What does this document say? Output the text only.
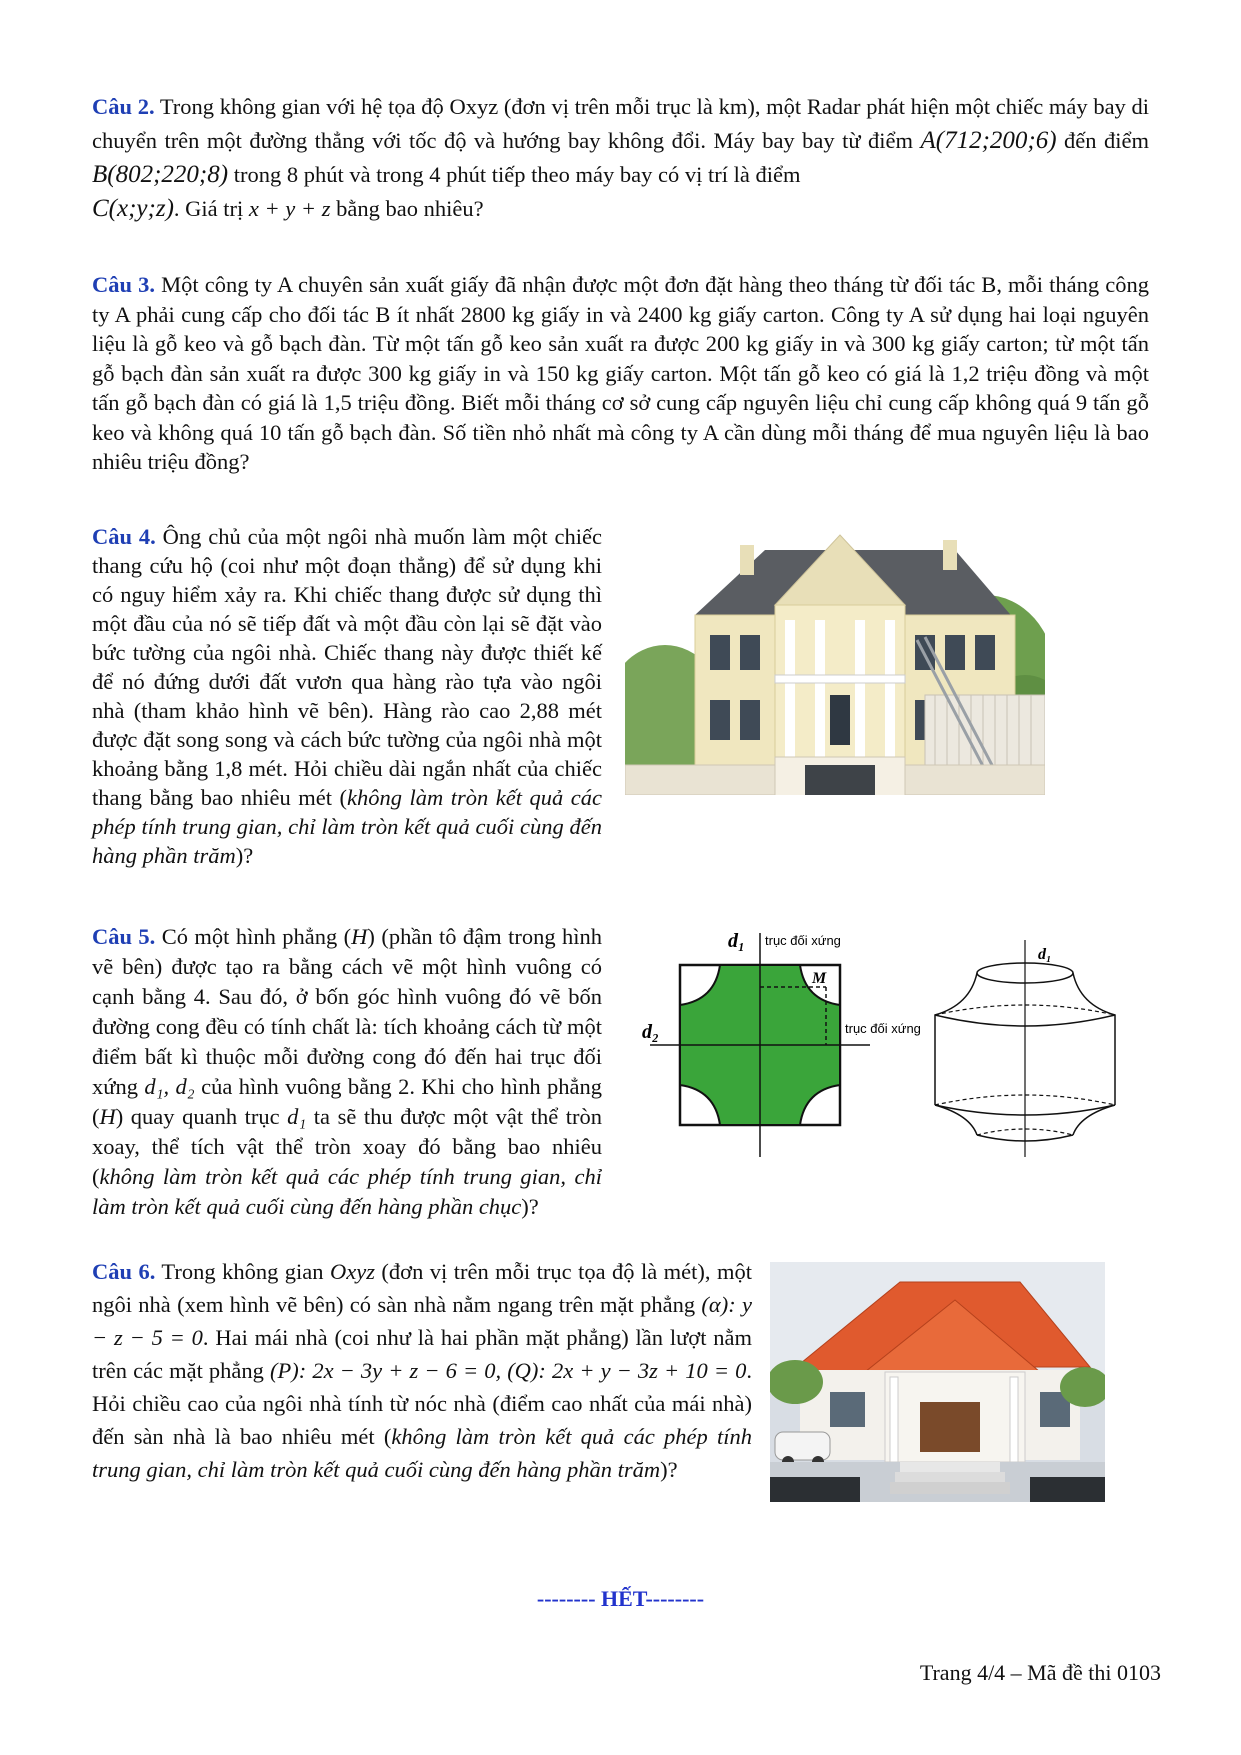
Câu 2. Trong không gian với hệ tọa độ Oxyz (đơn vị trên mỗi trục là km), một Radar phát hiện một chiếc máy bay di chuyển trên một đường thẳng với tốc độ và hướng bay không đổi. Máy bay bay từ điểm A(712;200;6) đến điểm B(802;220;8) trong 8 phút và trong 4 phút tiếp theo máy bay có vị trí là điểm
C(x;y;z). Giá trị x + y + z bằng bao nhiêu?
Câu 3. Một công ty A chuyên sản xuất giấy đã nhận được một đơn đặt hàng theo tháng từ đối tác B, mỗi tháng công ty A phải cung cấp cho đối tác B ít nhất 2800 kg giấy in và 2400 kg giấy carton. Công ty A sử dụng hai loại nguyên liệu là gỗ keo và gỗ bạch đàn. Từ một tấn gỗ keo sản xuất ra được 200 kg giấy in và 300 kg giấy carton; từ một tấn gỗ bạch đàn sản xuất ra được 300 kg giấy in và 150 kg giấy carton. Một tấn gỗ keo có giá là 1,2 triệu đồng và một tấn gỗ bạch đàn có giá là 1,5 triệu đồng. Biết mỗi tháng cơ sở cung cấp nguyên liệu chỉ cung cấp không quá 9 tấn gỗ keo và không quá 10 tấn gỗ bạch đàn. Số tiền nhỏ nhất mà công ty A cần dùng mỗi tháng để mua nguyên liệu là bao nhiêu triệu đồng?
Câu 4. Ông chủ của một ngôi nhà muốn làm một chiếc thang cứu hộ (coi như một đoạn thẳng) để sử dụng khi có nguy hiểm xảy ra. Khi chiếc thang được sử dụng thì một đầu của nó sẽ tiếp đất và một đầu còn lại sẽ đặt vào bức tường của ngôi nhà. Chiếc thang này được thiết kế để nó đứng dưới đất vươn qua hàng rào tựa vào ngôi nhà (tham khảo hình vẽ bên). Hàng rào cao 2,88 mét được đặt song song và cách bức tường của ngôi nhà một khoảng bằng 1,8 mét. Hỏi chiều dài ngắn nhất của chiếc thang bằng bao nhiêu mét (không làm tròn kết quả các phép tính trung gian, chỉ làm tròn kết quả cuối cùng đến hàng phần trăm)?
Câu 5. Có một hình phẳng (H) (phần tô đậm trong hình vẽ bên) được tạo ra bằng cách vẽ một hình vuông có cạnh bằng 4. Sau đó, ở bốn góc hình vuông đó vẽ bốn đường cong đều có tính chất là: tích khoảng cách từ một điểm bất kì thuộc mỗi đường cong đó đến hai trục đối xứng d₁, d₂ của hình vuông bằng 2. Khi cho hình phẳng (H) quay quanh trục d₁ ta sẽ thu được một vật thể tròn xoay, thể tích vật thể tròn xoay đó bằng bao nhiêu (không làm tròn kết quả các phép tính trung gian, chỉ làm tròn kết quả cuối cùng đến hàng phần chục)?
d₁ trục đối xứng
d₂	trục đối xứng
M
d₁
Câu 6. Trong không gian Oxyz (đơn vị trên mỗi trục tọa độ là mét), một ngôi nhà (xem hình vẽ bên) có sàn nhà nằm ngang trên mặt phẳng (α): y − z − 5 = 0. Hai mái nhà (coi như là hai phần mặt phẳng) lần lượt nằm trên các mặt phẳng (P): 2x − 3y + z − 6 = 0, (Q): 2x + y − 3z + 10 = 0. Hỏi chiều cao của ngôi nhà tính từ nóc nhà (điểm cao nhất của mái nhà) đến sàn nhà là bao nhiêu mét (không làm tròn kết quả các phép tính trung gian, chỉ làm tròn kết quả cuối cùng đến hàng phần trăm)?
-------- HẾT--------
Trang 4/4 – Mã đề thi 0103
